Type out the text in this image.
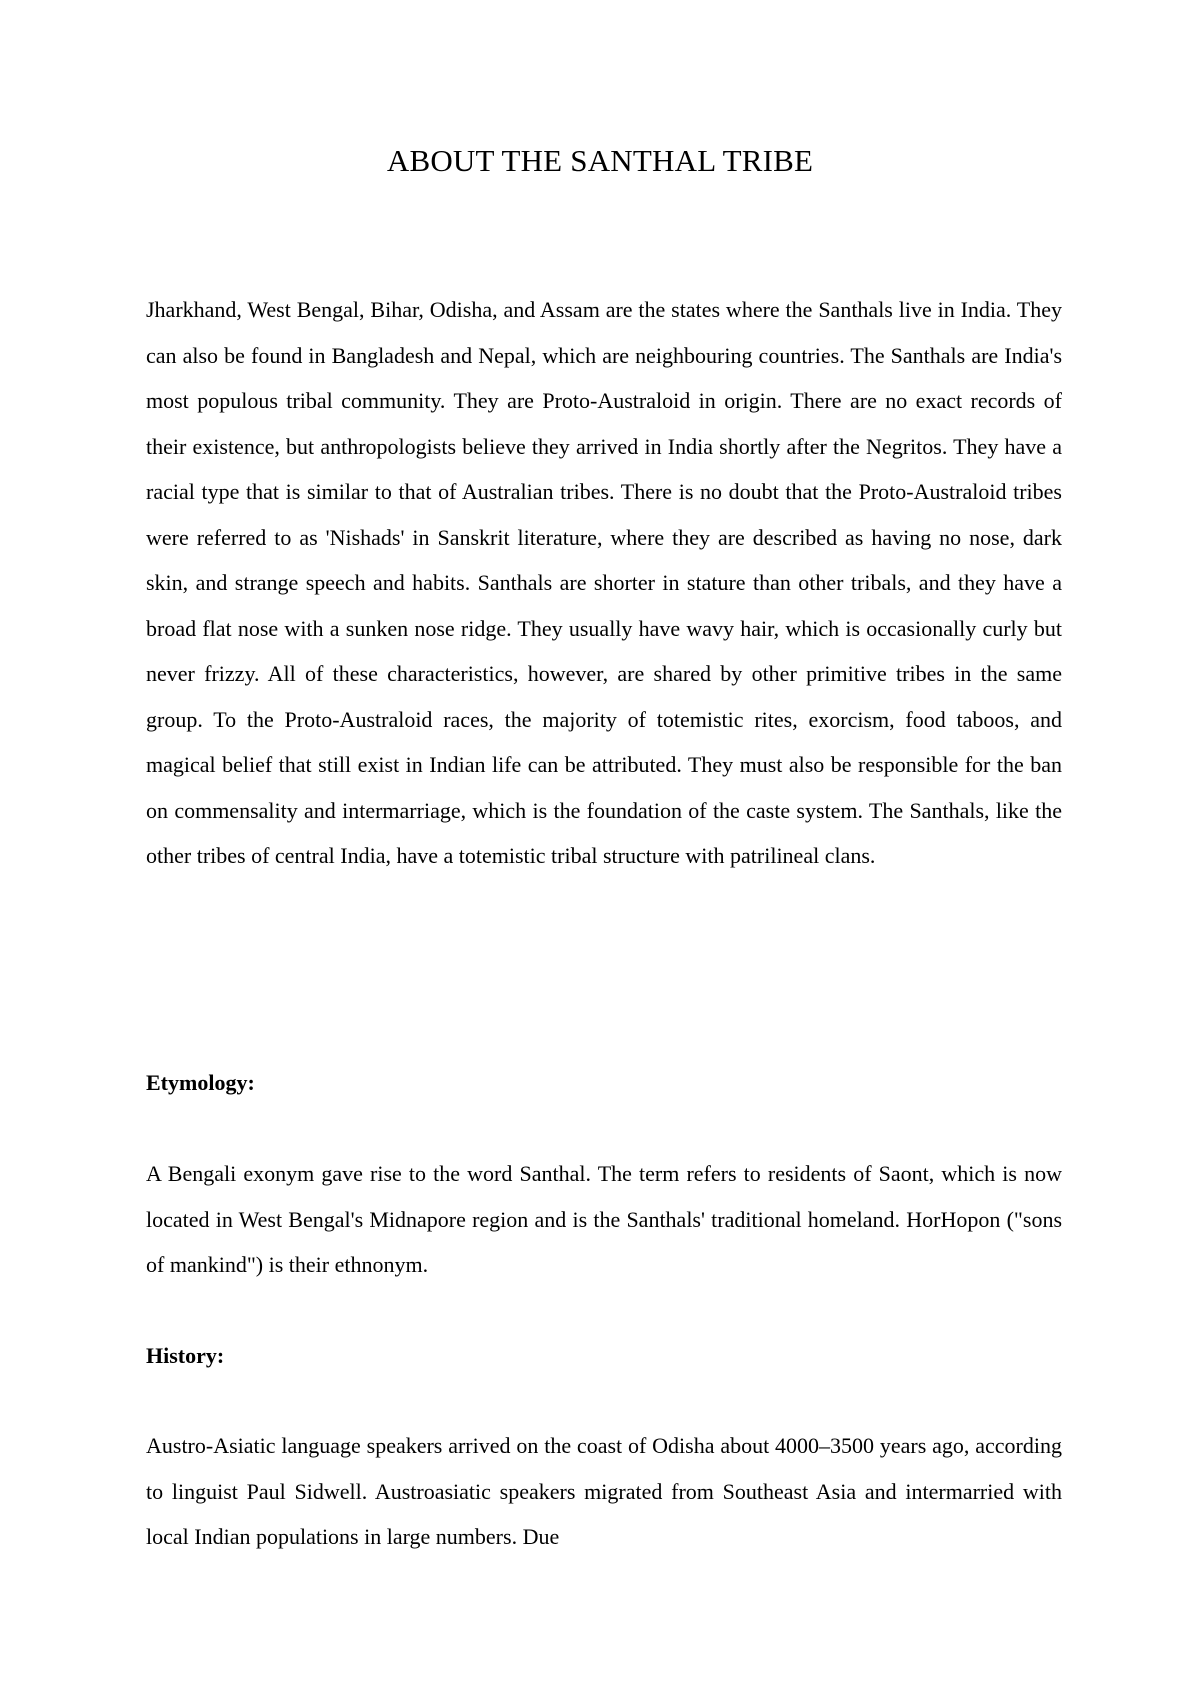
ABOUT THE SANTHAL TRIBE

Jharkhand, West Bengal, Bihar, Odisha, and Assam are the states where the Santhals live in India. They can also be found in Bangladesh and Nepal, which are neighbouring countries. The Santhals are India's most populous tribal community. They are Proto-Australoid in origin. There are no exact records of their existence, but anthropologists believe they arrived in India shortly after the Negritos. They have a racial type that is similar to that of Australian tribes. There is no doubt that the Proto-Australoid tribes were referred to as 'Nishads' in Sanskrit literature, where they are described as having no nose, dark skin, and strange speech and habits. Santhals are shorter in stature than other tribals, and they have a broad flat nose with a sunken nose ridge. They usually have wavy hair, which is occasionally curly but never frizzy. All of these characteristics, however, are shared by other primitive tribes in the same group. To the Proto-Australoid races, the majority of totemistic rites, exorcism, food taboos, and magical belief that still exist in Indian life can be attributed. They must also be responsible for the ban on commensality and intermarriage, which is the foundation of the caste system. The Santhals, like the other tribes of central India, have a totemistic tribal structure with patrilineal clans.

Etymology:

A Bengali exonym gave rise to the word Santhal. The term refers to residents of Saont, which is now located in West Bengal's Midnapore region and is the Santhals' traditional homeland. HorHopon ("sons of mankind") is their ethnonym.

History:

Austro-Asiatic language speakers arrived on the coast of Odisha about 4000–3500 years ago, according to linguist Paul Sidwell. Austroasiatic speakers migrated from Southeast Asia and intermarried with local Indian populations in large numbers. Due
